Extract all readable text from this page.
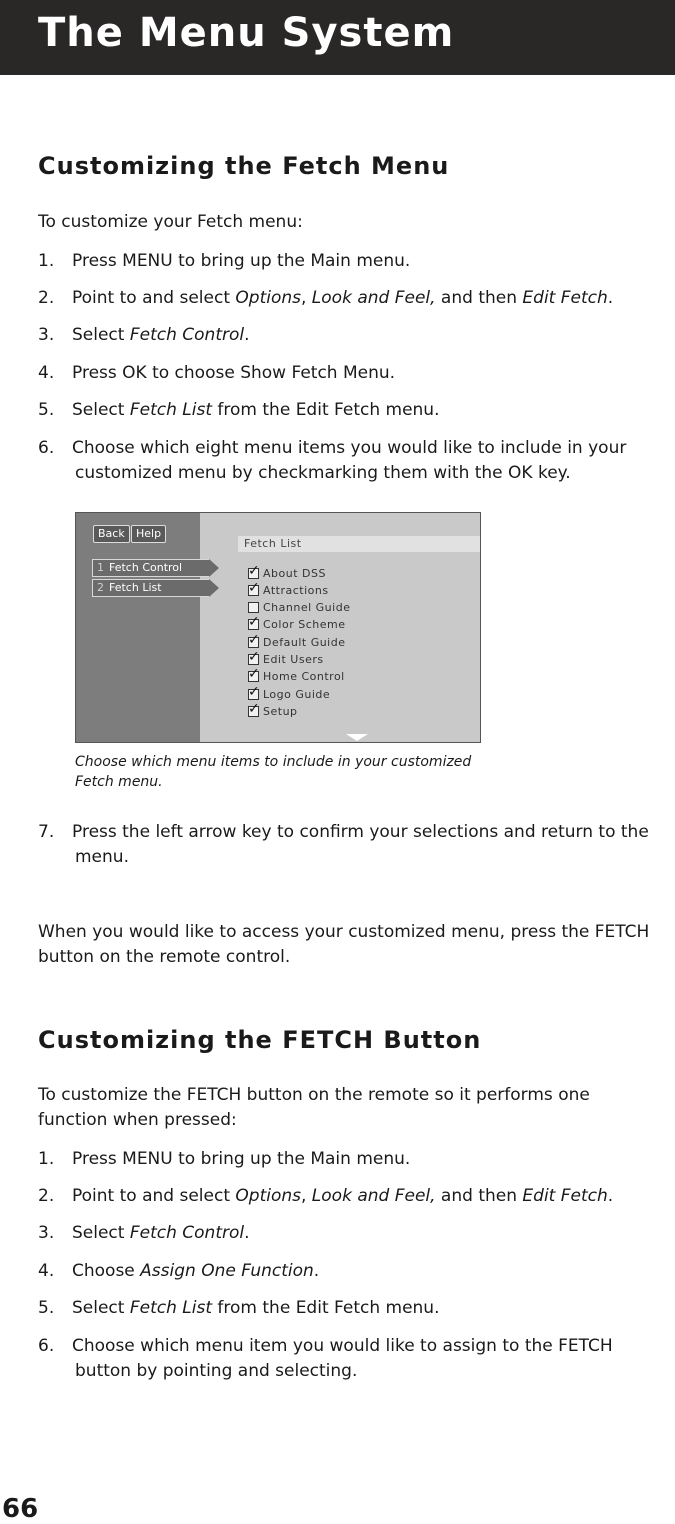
The Menu System
Customizing the Fetch Menu

To customize your Fetch menu:

1. Press MENU to bring up the Main menu.

2. Point to and select Options, Look and Feel, and then Edit Fetch.

3. Select Fetch Control.

4. Press OK to choose Show Fetch Menu.

5. Select Fetch List from the Edit Fetch menu.

6. Choose which eight menu items you would like to include in your
customized menu by checkmarking them with the OK key.

Back	Help
1 Fetch Control
2 Fetch List
Fetch List
✓ About DSS
✓ Attractions
Channel Guide
✓ Color Scheme
✓ Default Guide
✓ Edit Users
✓ Home Control
✓ Logo Guide
✓ Setup

Choose which menu items to include in your customized
Fetch menu.

7. Press the left arrow key to confirm your selections and return to the
menu.

When you would like to access your customized menu, press the FETCH
button on the remote control.

Customizing the FETCH Button

To customize the FETCH button on the remote so it performs one
function when pressed:

1. Press MENU to bring up the Main menu.

2. Point to and select Options, Look and Feel, and then Edit Fetch.

3. Select Fetch Control.

4. Choose Assign One Function.

5. Select Fetch List from the Edit Fetch menu.

6. Choose which menu item you would like to assign to the FETCH
button by pointing and selecting.

66
